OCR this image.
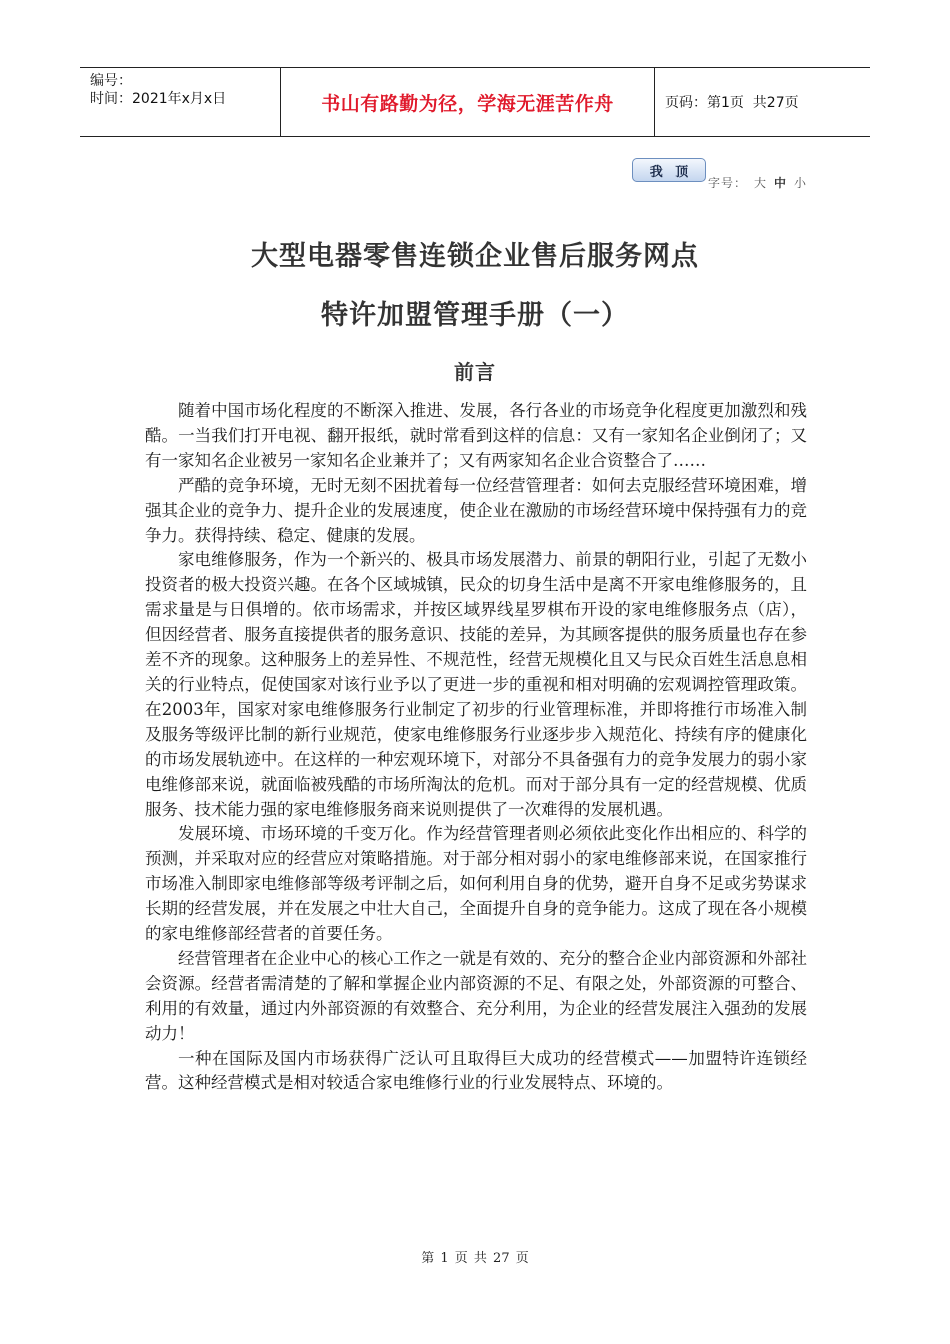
编号：
时间：2021年x月x日	书山有路勤为径，学海无涯苦作舟	页码：第1页  共27页
我 顶
字号： 大 中 小
大型电器零售连锁企业售后服务网点
特许加盟管理手册（一）
前言

随着中国市场化程度的不断深入推进、发展，各行各业的市场竞争化程度更加激烈和残酷。一当我们打开电视、翻开报纸，就时常看到这样的信息：又有一家知名企业倒闭了；又有一家知名企业被另一家知名企业兼并了；又有两家知名企业合资整合了……

严酷的竞争环境，无时无刻不困扰着每一位经营管理者：如何去克服经营环境困难，增强其企业的竞争力、提升企业的发展速度，使企业在激励的市场经营环境中保持强有力的竞争力。获得持续、稳定、健康的发展。

家电维修服务，作为一个新兴的、极具市场发展潜力、前景的朝阳行业，引起了无数小投资者的极大投资兴趣。在各个区域城镇，民众的切身生活中是离不开家电维修服务的，且需求量是与日俱增的。依市场需求，并按区域界线星罗棋布开设的家电维修服务点（店），但因经营者、服务直接提供者的服务意识、技能的差异，为其顾客提供的服务质量也存在参差不齐的现象。这种服务上的差异性、不规范性，经营无规模化且又与民众百姓生活息息相关的行业特点，促使国家对该行业予以了更进一步的重视和相对明确的宏观调控管理政策。在2003年，国家对家电维修服务行业制定了初步的行业管理标准，并即将推行市场准入制及服务等级评比制的新行业规范，使家电维修服务行业逐步步入规范化、持续有序的健康化的市场发展轨迹中。在这样的一种宏观环境下，对部分不具备强有力的竞争发展力的弱小家电维修部来说，就面临被残酷的市场所淘汰的危机。而对于部分具有一定的经营规模、优质服务、技术能力强的家电维修服务商来说则提供了一次难得的发展机遇。

发展环境、市场环境的千变万化。作为经营管理者则必须依此变化作出相应的、科学的预测，并采取对应的经营应对策略措施。对于部分相对弱小的家电维修部来说，在国家推行市场准入制即家电维修部等级考评制之后，如何利用自身的优势，避开自身不足或劣势谋求长期的经营发展，并在发展之中壮大自己，全面提升自身的竞争能力。这成了现在各小规模的家电维修部经营者的首要任务。

经营管理者在企业中心的核心工作之一就是有效的、充分的整合企业内部资源和外部社会资源。经营者需清楚的了解和掌握企业内部资源的不足、有限之处，外部资源的可整合、利用的有效量，通过内外部资源的有效整合、充分利用，为企业的经营发展注入强劲的发展动力！

一种在国际及国内市场获得广泛认可且取得巨大成功的经营模式——加盟特许连锁经营。这种经营模式是相对较适合家电维修行业的行业发展特点、环境的。

第 1 页 共 27 页
